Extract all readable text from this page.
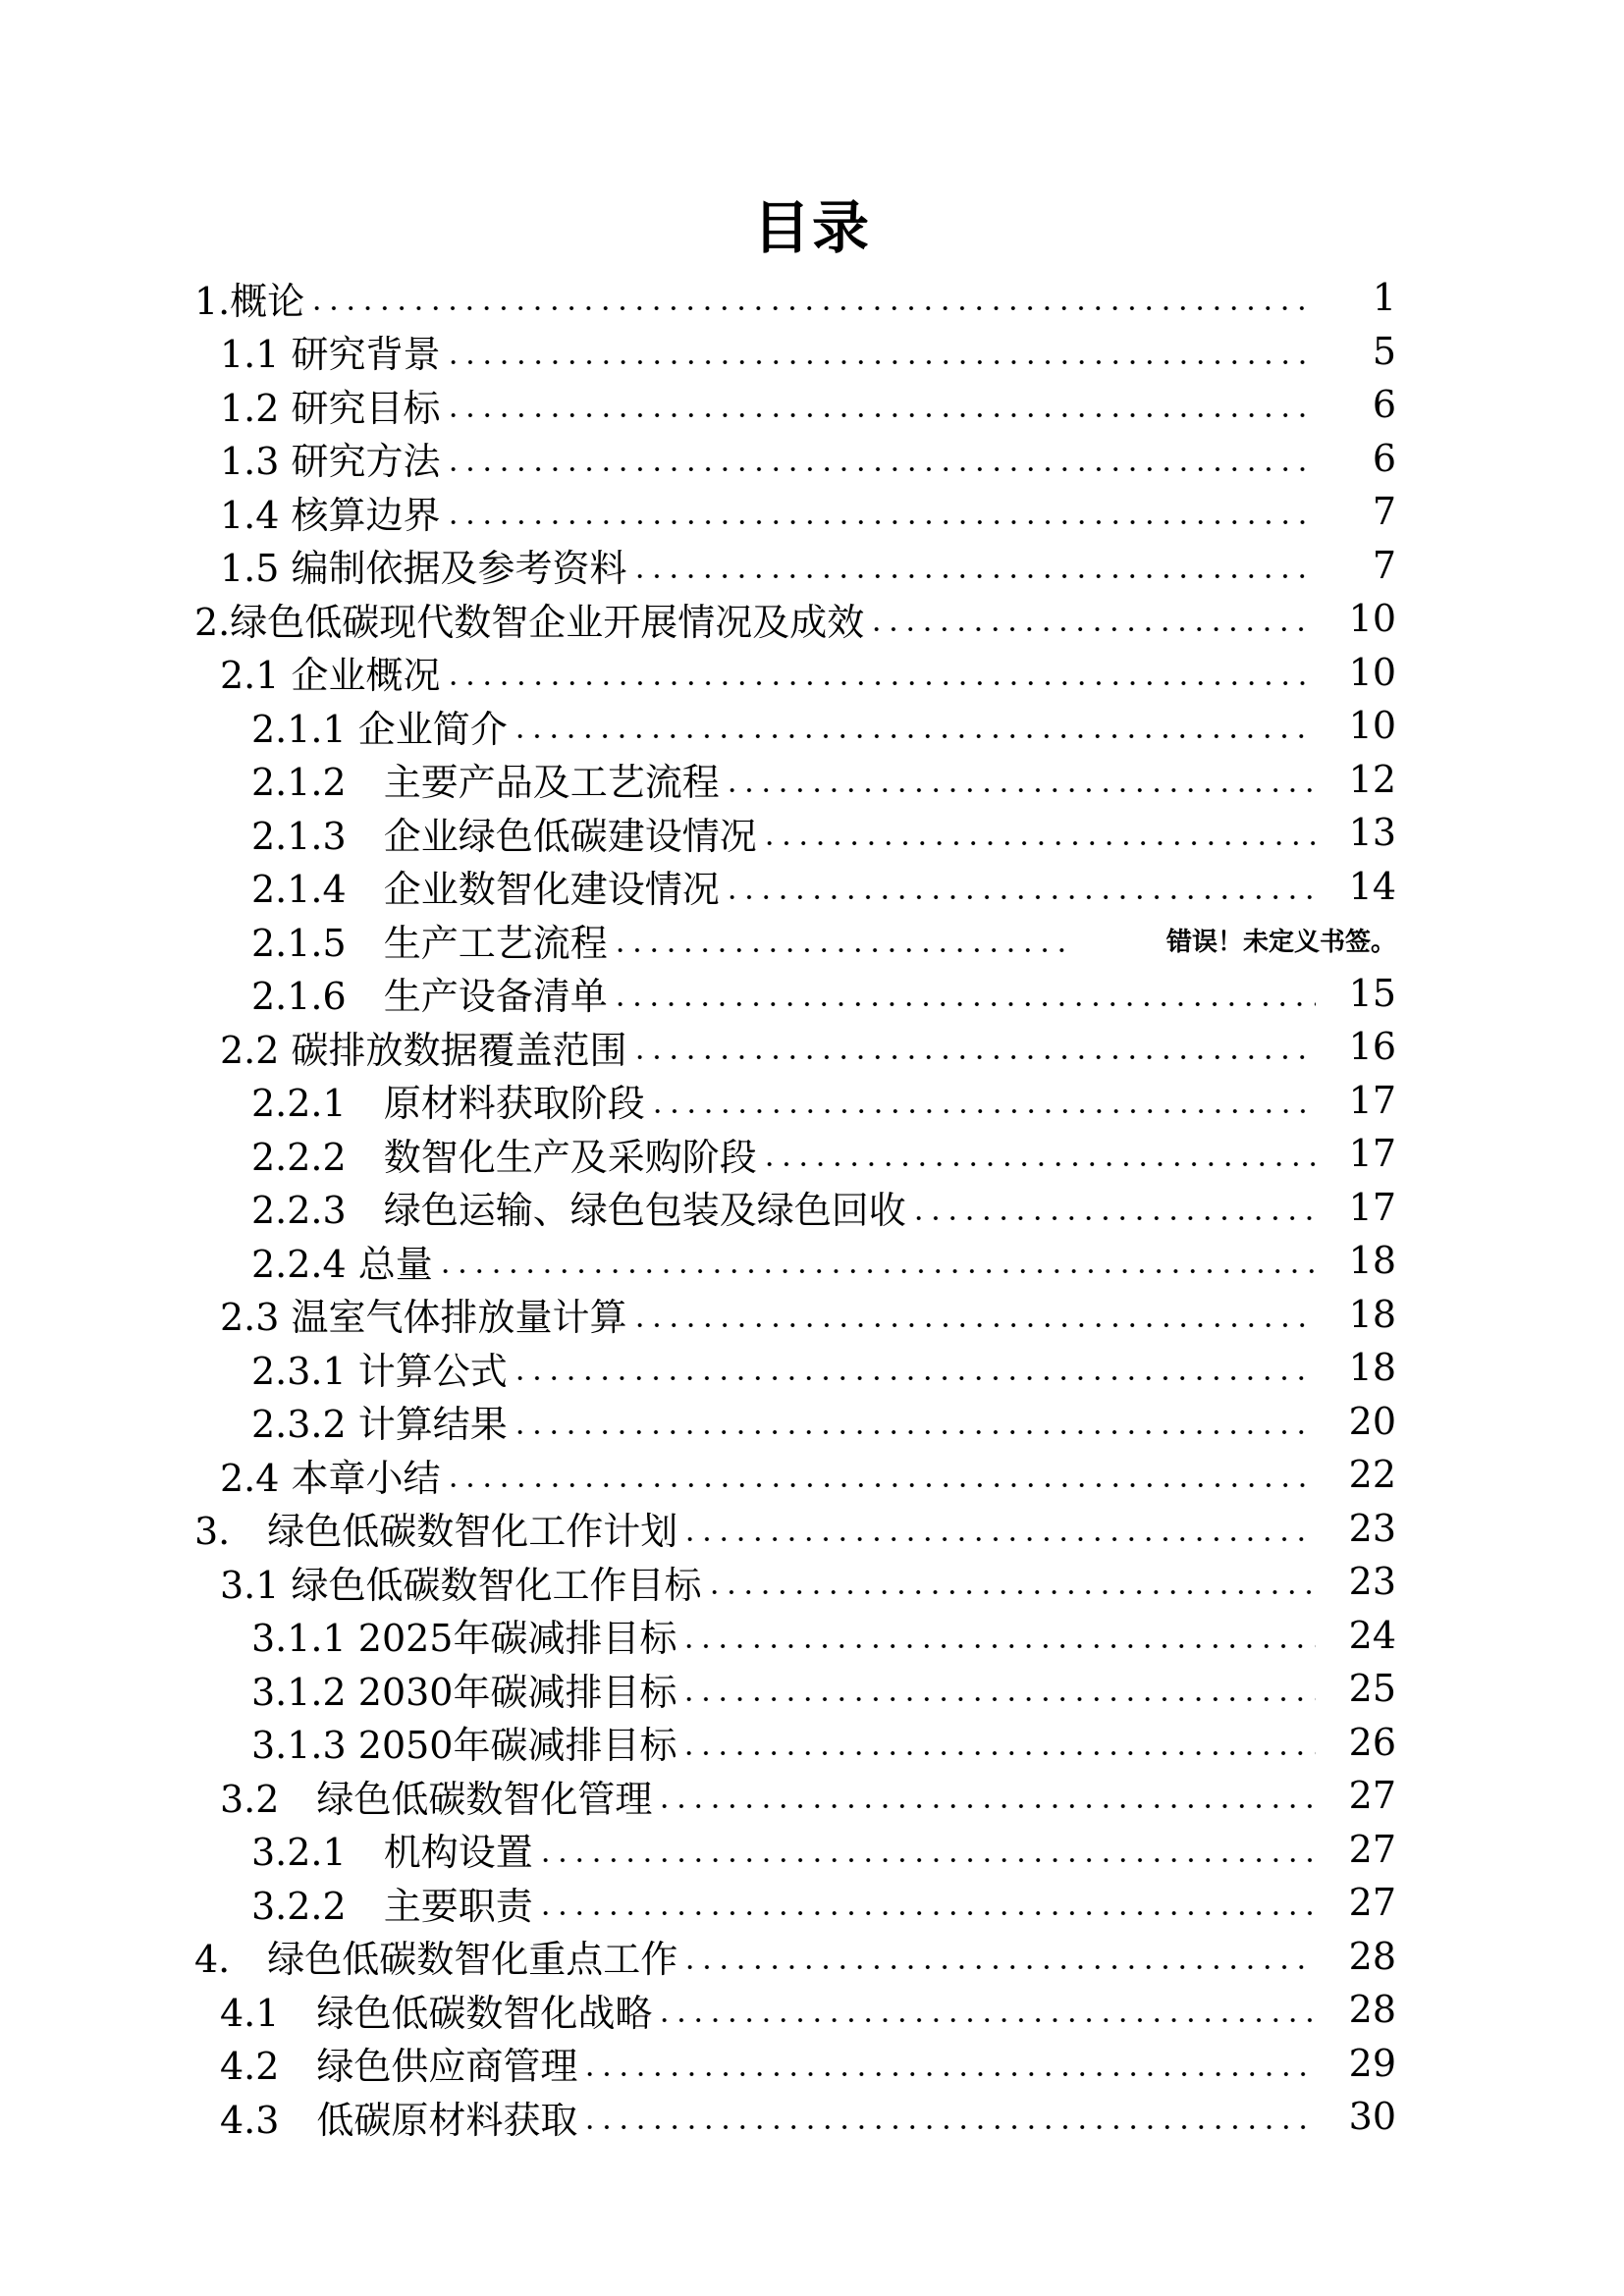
目录
1.概论	1
1.1 研究背景	5
1.2 研究目标	6
1.3 研究方法	6
1.4 核算边界	7
1.5 编制依据及参考资料	7
2.绿色低碳现代数智企业开展情况及成效	10
2.1 企业概况	10
2.1.1 企业简介	10
2.1.2　主要产品及工艺流程	12
2.1.3　企业绿色低碳建设情况	13
2.1.4　企业数智化建设情况	14
2.1.5　生产工艺流程	错误！未定义书签。
2.1.6　生产设备清单	15
2.2 碳排放数据覆盖范围	16
2.2.1　原材料获取阶段	17
2.2.2　数智化生产及采购阶段	17
2.2.3　绿色运输、绿色包装及绿色回收	17
2.2.4 总量	18
2.3 温室气体排放量计算	18
2.3.1 计算公式	18
2.3.2 计算结果	20
2.4 本章小结	22
3.　绿色低碳数智化工作计划	23
3.1 绿色低碳数智化工作目标	23
3.1.1 2025年碳减排目标	24
3.1.2 2030年碳减排目标	25
3.1.3 2050年碳减排目标	26
3.2　绿色低碳数智化管理	27
3.2.1　机构设置	27
3.2.2　主要职责	27
4.　绿色低碳数智化重点工作	28
4.1　绿色低碳数智化战略	28
4.2　绿色供应商管理	29
4.3　低碳原材料获取	30
